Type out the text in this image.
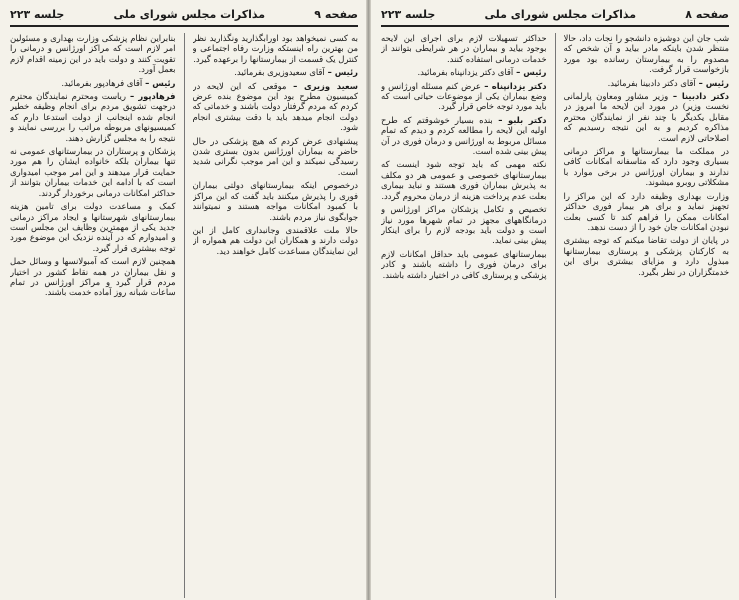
صفحه ۹
مذاکرات مجلس شورای ملی
جلسه ۲۲۳

به کسی نمیخواهد بود اورابگذارید ونگذارید نظر من بهترین راه اینستکه وزارت رفاه اجتماعی و کنترل یک قسمت از بیمارستانها را برعهده گیرد.

رئیس – آقای سعیدوزیری بفرمائید.

سعید وزیری – موقعی که این لایحه در کمیسیون مطرح بود این موضوع بنده عرض کردم که مردم گرفتار دولت باشند و خدماتی که دولت انجام میدهد باید با دقت بیشتری انجام شود.

پیشنهادی عرض کردم که هیچ پزشکی در حال حاضر به بیماران اورژانس بدون بستری شدن رسیدگی نمیکند و این امر موجب نگرانی شدید است.

درخصوص اینکه بیمارستانهای دولتی بیماران فوری را پذیرش میکنند باید گفت که این مراکز با کمبود امکانات مواجه هستند و نمیتوانند جوابگوی نیاز مردم باشند.

حالا ملت علاقمندی وجانبداری کامل از این دولت دارند و همکاران این دولت هم همواره از این نمایندگان مساعدت کامل خواهند دید.

بنابراین نظام پزشکی وزارت بهداری و مسئولین امر لازم است که مراکز اورژانس و درمانی را تقویت کنند و دولت باید در این زمینه اقدام لازم بعمل آورد.

رئیس – آقای فرهادپور بفرمائید.

فرهادپور – ریاست ومحترم نمایندگان محترم درجهت تشویق مردم برای انجام وظیفه خطیر انجام شده اینجانب از دولت استدعا دارم که کمیسیونهای مربوطه مراتب را بررسی نمایند و نتیجه را به مجلس گزارش دهند.

پزشکان و پرستاران در بیمارستانهای عمومی نه تنها بیماران بلکه خانواده ایشان را هم مورد حمایت قرار میدهند و این امر موجب امیدواری است که با ادامه این خدمات بیماران بتوانند از حداکثر امکانات درمانی برخوردار گردند.

کمک و مساعدت دولت برای تامین هزینه بیمارستانهای شهرستانها و ایجاد مراکز درمانی جدید یکی از مهمترین وظایف این مجلس است و امیدوارم که در آینده نزدیک این موضوع مورد توجه بیشتری قرار گیرد.

همچنین لازم است که آمبولانسها و وسائل حمل و نقل بیماران در همه نقاط کشور در اختیار مردم قرار گیرد و مراکز اورژانس در تمام ساعات شبانه روز آماده خدمت باشند.

صفحه ۸
مذاکرات مجلس شورای ملی
جلسه ۲۲۳

شب جان این دوشیزه دانشجو را نجات داد، حالا منتظر شدن باینکه مادر بیاید و آن شخص که مصدوم را به بیمارستان رسانده بود مورد بازخواست قرار گرفت.

رئیس – آقای دکتر دادبینا بفرمائید.

دکتر دادبینا – وزیر مشاور ومعاون پارلمانی نخست وزیر) در مورد این لایحه ما امروز در مقابل یکدیگر با چند نفر از نمایندگان محترم مذاکره کردیم و به این نتیجه رسیدیم که اصلاحاتی لازم است.

در مملکت ما بیمارستانها و مراکز درمانی بسیاری وجود دارد که متاسفانه امکانات کافی ندارند و بیماران اورژانس در برخی موارد با مشکلاتی روبرو میشوند.

وزارت بهداری وظیفه دارد که این مراکز را تجهیز نماید و برای هر بیمار فوری حداکثر امکانات ممکن را فراهم کند تا کسی بعلت نبودن امکانات جان خود را از دست ندهد.

در پایان از دولت تقاضا میکنم که توجه بیشتری به کارکنان پزشکی و پرستاری بیمارستانها مبذول دارد و مزایای بیشتری برای این خدمتگزاران در نظر بگیرد.

حداکثر تسهیلات لازم برای اجرای این لایحه بوجود بیاید و بیماران در هر شرایطی بتوانند از خدمات درمانی استفاده کنند.

رئیس – آقای دکتر یزدانپناه بفرمائید.

دکتر یزدانپناه – عرض کنم مسئله اورژانس و وضع بیماران یکی از موضوعات حیاتی است که باید مورد توجه خاص قرار گیرد.

دکتر بلبو – بنده بسیار خوشوقتم که طرح اولیه این لایحه را مطالعه کردم و دیدم که تمام مسائل مربوط به اورژانس و درمان فوری در آن پیش بینی شده است.

نکته مهمی که باید توجه شود اینست که بیمارستانهای خصوصی و عمومی هر دو مکلف به پذیرش بیماران فوری هستند و نباید بیماری بعلت عدم پرداخت هزینه از درمان محروم گردد.

تخصیص و تکامل پزشکان مراکز اورژانس و درمانگاههای مجهز در تمام شهرها مورد نیاز است و دولت باید بودجه لازم را برای اینکار پیش بینی نماید.

بیمارستانهای عمومی باید حداقل امکانات لازم برای درمان فوری را داشته باشند و کادر پزشکی و پرستاری کافی در اختیار داشته باشند.
